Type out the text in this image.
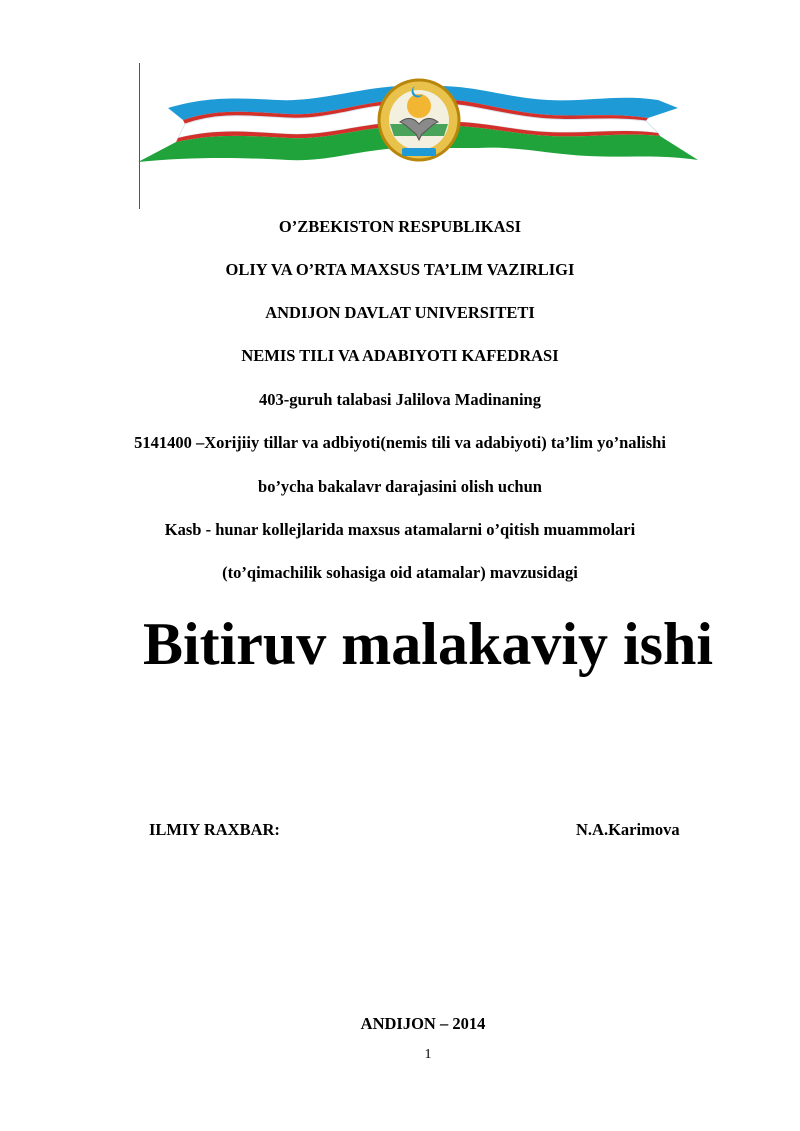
O’ZBEKISTON RESPUBLIKASI
OLIY VA O’RTA MAXSUS TA’LIM VAZIRLIGI
ANDIJON DAVLAT UNIVERSITETI
NEMIS TILI VA ADABIYOTI KAFEDRASI
403-guruh talabasi Jalilova Madinaning
5141400 –Xorijiiy tillar va adbiyoti(nemis tili va adabiyoti) ta’lim yo’nalishi
bo’ycha bakalavr darajasini olish uchun
Kasb - hunar kollejlarida maxsus atamalarni o’qitish muammolari
(to’qimachilik sohasiga oid atamalar) mavzusidagi
Bitiruv malakaviy ishi
ILMIY RAXBAR:	N.A.Karimova
ANDIJON – 2014
1
